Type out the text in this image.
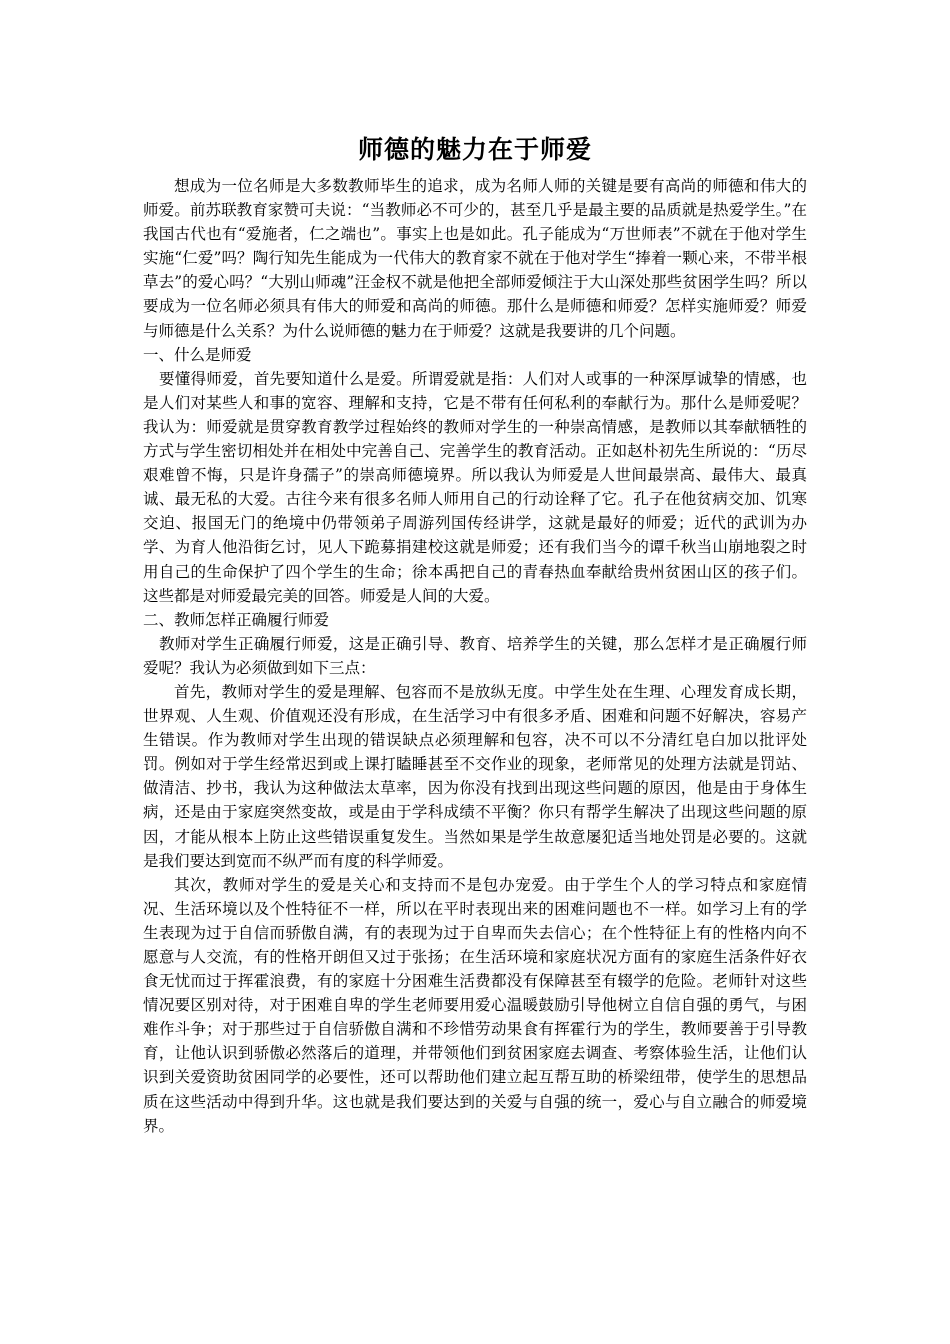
师德的魅力在于师爱

想成为一位名师是大多数教师毕生的追求，成为名师人师的关键是要有高尚的师德和伟大的师爱。前苏联教育家赞可夫说：“当教师必不可少的，甚至几乎是最主要的品质就是热爱学生。”在我国古代也有“爱施者，仁之端也”。事实上也是如此。孔子能成为“万世师表”不就在于他对学生实施“仁爱”吗？陶行知先生能成为一代伟大的教育家不就在于他对学生“捧着一颗心来，不带半根草去”的爱心吗？“大别山师魂”汪金权不就是他把全部师爱倾注于大山深处那些贫困学生吗？所以要成为一位名师必须具有伟大的师爱和高尚的师德。那什么是师德和师爱？怎样实施师爱？师爱与师德是什么关系？为什么说师德的魅力在于师爱？这就是我要讲的几个问题。

一、什么是师爱

要懂得师爱，首先要知道什么是爱。所谓爱就是指：人们对人或事的一种深厚诚挚的情感，也是人们对某些人和事的宽容、理解和支持，它是不带有任何私利的奉献行为。那什么是师爱呢？我认为：师爱就是贯穿教育教学过程始终的教师对学生的一种崇高情感，是教师以其奉献牺牲的方式与学生密切相处并在相处中完善自己、完善学生的教育活动。正如赵朴初先生所说的：“历尽艰难曾不悔，只是许身孺子”的崇高师德境界。所以我认为师爱是人世间最崇高、最伟大、最真诚、最无私的大爱。古往今来有很多名师人师用自己的行动诠释了它。孔子在他贫病交加、饥寒交迫、报国无门的绝境中仍带领弟子周游列国传经讲学，这就是最好的师爱；近代的武训为办学、为育人他沿街乞讨，见人下跪募捐建校这就是师爱；还有我们当今的谭千秋当山崩地裂之时用自己的生命保护了四个学生的生命；徐本禹把自己的青春热血奉献给贵州贫困山区的孩子们。这些都是对师爱最完美的回答。师爱是人间的大爱。

二、教师怎样正确履行师爱

教师对学生正确履行师爱，这是正确引导、教育、培养学生的关键，那么怎样才是正确履行师爱呢？我认为必须做到如下三点：

首先，教师对学生的爱是理解、包容而不是放纵无度。中学生处在生理、心理发育成长期，世界观、人生观、价值观还没有形成，在生活学习中有很多矛盾、困难和问题不好解决，容易产生错误。作为教师对学生出现的错误缺点必须理解和包容，决不可以不分清红皂白加以批评处罚。例如对于学生经常迟到或上课打瞌睡甚至不交作业的现象，老师常见的处理方法就是罚站、做清洁、抄书，我认为这种做法太草率，因为你没有找到出现这些问题的原因，他是由于身体生病，还是由于家庭突然变故，或是由于学科成绩不平衡？你只有帮学生解决了出现这些问题的原因，才能从根本上防止这些错误重复发生。当然如果是学生故意屡犯适当地处罚是必要的。这就是我们要达到宽而不纵严而有度的科学师爱。

其次，教师对学生的爱是关心和支持而不是包办宠爱。由于学生个人的学习特点和家庭情况、生活环境以及个性特征不一样，所以在平时表现出来的困难问题也不一样。如学习上有的学生表现为过于自信而骄傲自满，有的表现为过于自卑而失去信心；在个性特征上有的性格内向不愿意与人交流，有的性格开朗但又过于张扬；在生活环境和家庭状况方面有的家庭生活条件好衣食无忧而过于挥霍浪费，有的家庭十分困难生活费都没有保障甚至有辍学的危险。老师针对这些情况要区别对待，对于困难自卑的学生老师要用爱心温暖鼓励引导他树立自信自强的勇气，与困难作斗争；对于那些过于自信骄傲自满和不珍惜劳动果食有挥霍行为的学生，教师要善于引导教育，让他认识到骄傲必然落后的道理，并带领他们到贫困家庭去调查、考察体验生活，让他们认识到关爱资助贫困同学的必要性，还可以帮助他们建立起互帮互助的桥梁纽带，使学生的思想品质在这些活动中得到升华。这也就是我们要达到的关爱与自强的统一，爱心与自立融合的师爱境界。
